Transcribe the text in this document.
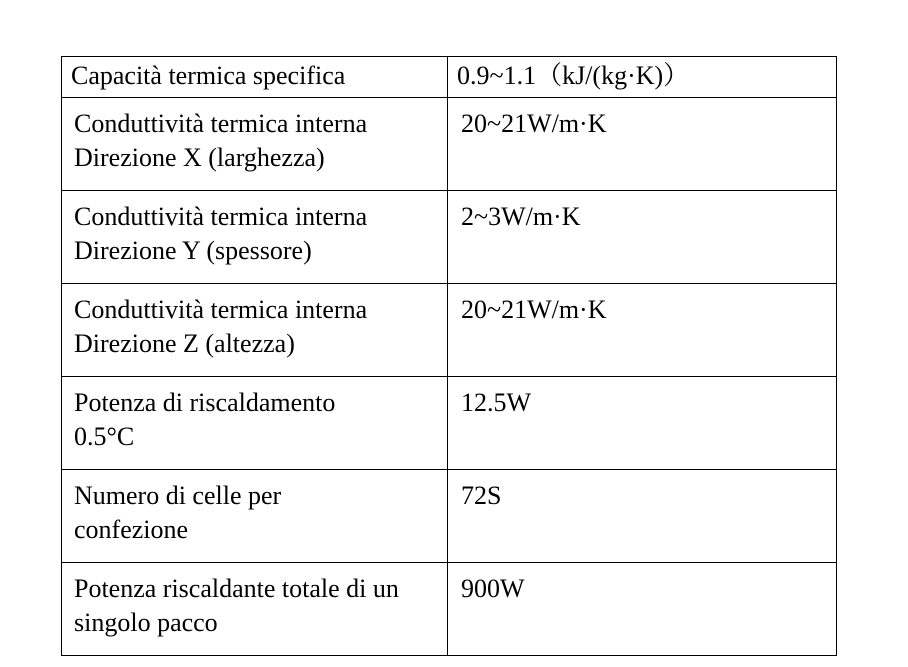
Capacità termica specifica	0.9~1.1（kJ/(kg·K)）

Conduttività termica interna Direzione X (larghezza)	20~21W/m·K

Conduttività termica interna Direzione Y (spessore)	2~3W/m·K

Conduttività termica interna Direzione Z (altezza)	20~21W/m·K

Potenza di riscaldamento 0.5°C	12.5W

Numero di celle per confezione	72S

Potenza riscaldante totale di un singolo pacco	900W
